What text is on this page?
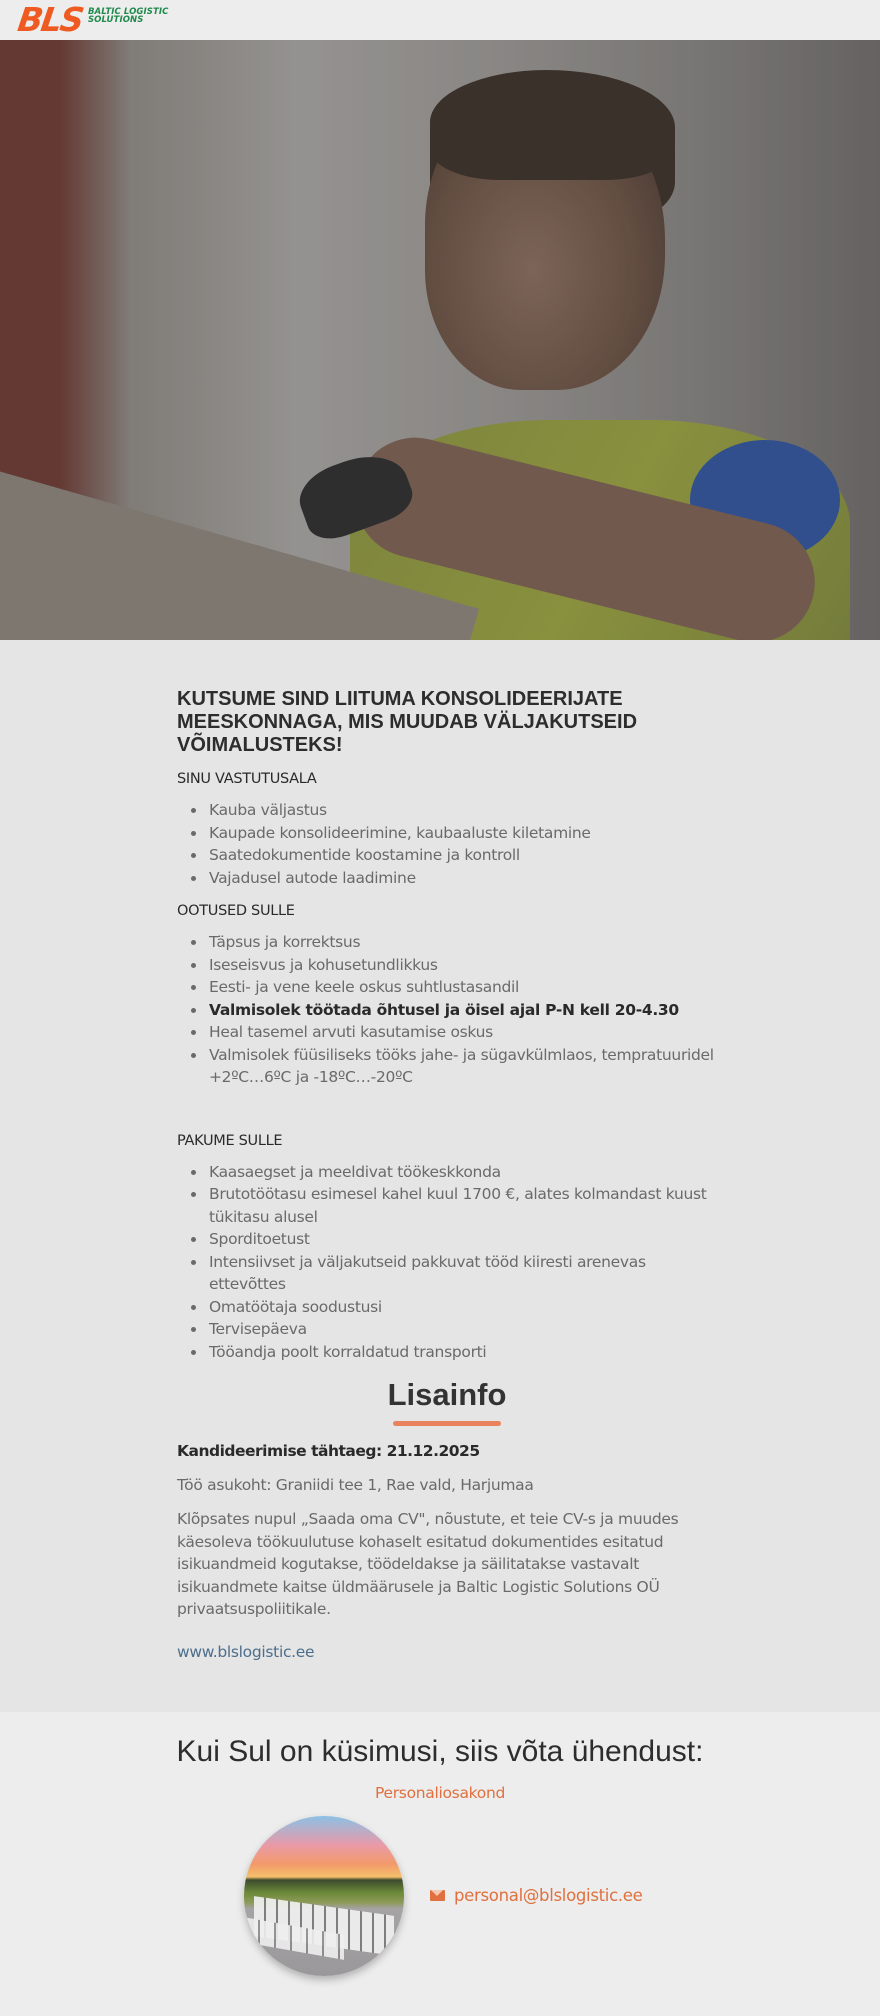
BLS BALTIC LOGISTIC
SOLUTIONS
KUTSUME SIND LIITUMA KONSOLIDEERIJATE MEESKONNAGA, MIS MUUDAB VÄLJAKUTSEID VÕIMALUSTEKS!
SINU VASTUTUSALA
Kauba väljastus
Kaupade konsolideerimine, kaubaaluste kiletamine
Saatedokumentide koostamine ja kontroll
Vajadusel autode laadimine
OOTUSED SULLE
Täpsus ja korrektsus
Iseseisvus ja kohusetundlikkus
Eesti- ja vene keele oskus suhtlustasandil
Valmisolek töötada õhtusel ja öisel ajal P-N kell 20-4.30
Heal tasemel arvuti kasutamise oskus
Valmisolek füüsiliseks tööks jahe- ja sügavkülmlaos, tempratuuridel +2ºC…6ºC ja -18ºC…-20ºC
PAKUME SULLE
Kaasaegset ja meeldivat töökeskkonda
Brutotöötasu esimesel kahel kuul 1700 €, alates kolmandast kuust tükitasu alusel
Sporditoetust
Intensiivset ja väljakutseid pakkuvat tööd kiiresti arenevas ettevõttes
Omatöötaja soodustusi
Tervisepäeva
Tööandja poolt korraldatud transporti
Lisainfo

Kandideerimise tähtaeg: 21.12.2025

Töö asukoht: Graniidi tee 1, Rae vald, Harjumaa

Klõpsates nupul „Saada oma CV", nõustute, et teie CV-s ja muudes käesoleva töökuulutuse kohaselt esitatud dokumentides esitatud isikuandmeid kogutakse, töödeldakse ja säilitatakse vastavalt isikuandmete kaitse üldmäärusele ja Baltic Logistic Solutions OÜ privaatsuspoliitikale.

www.blslogistic.ee
Kui Sul on küsimusi, siis võta ühendust:

Personaliosakond

personal@blslogistic.ee
